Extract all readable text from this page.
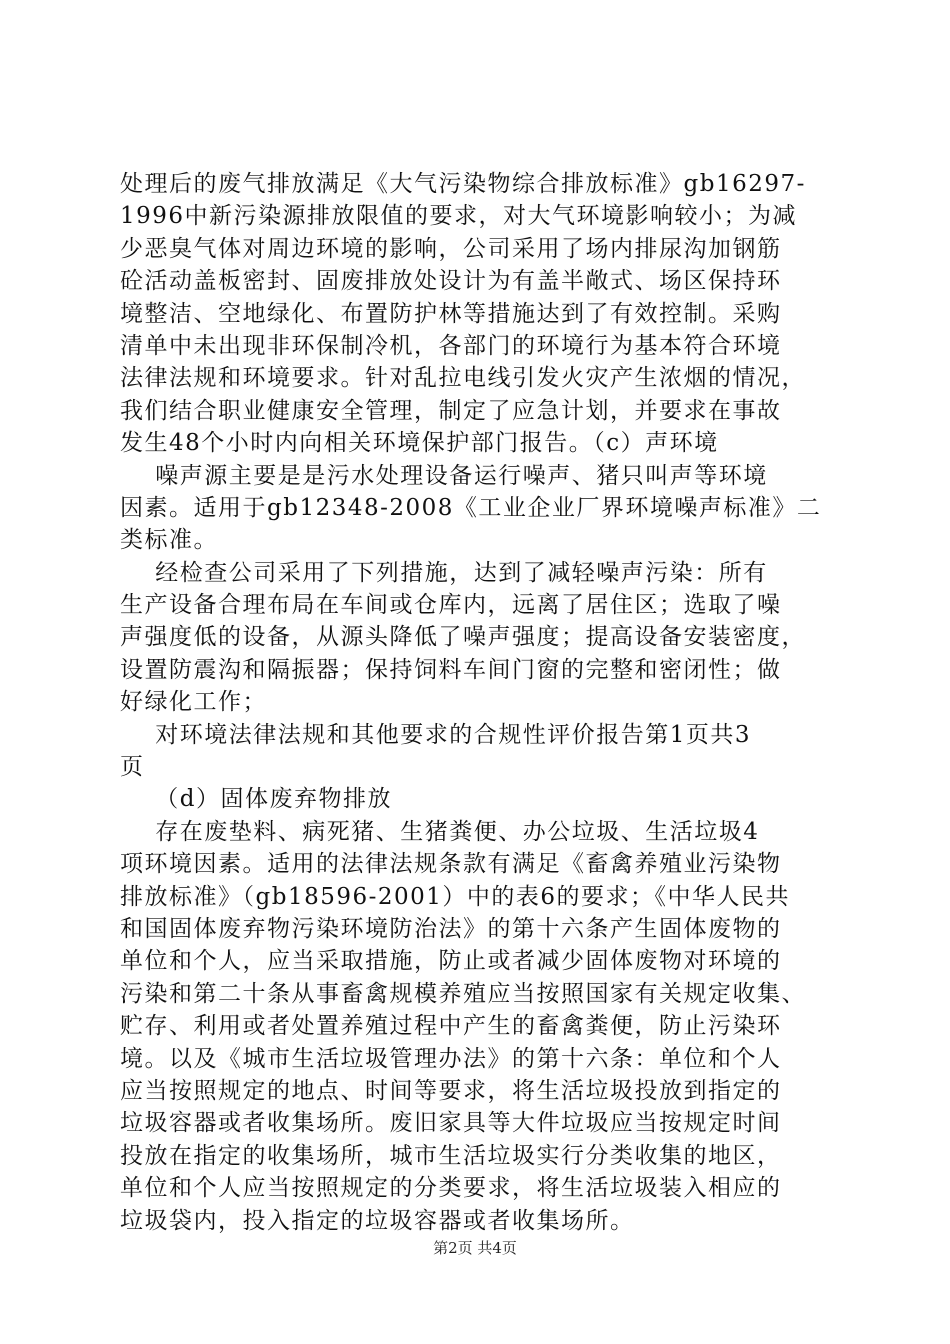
处理后的废气排放满足《大气污染物综合排放标准》gb16297-
1996中新污染源排放限值的要求，对大气环境影响较小；为减
少恶臭气体对周边环境的影响，公司采用了场内排尿沟加钢筋
砼活动盖板密封、固废排放处设计为有盖半敞式、场区保持环
境整洁、空地绿化、布置防护林等措施达到了有效控制。采购
清单中未出现非环保制冷机，各部门的环境行为基本符合环境
法律法规和环境要求。针对乱拉电线引发火灾产生浓烟的情况，
我们结合职业健康安全管理，制定了应急计划，并要求在事故
发生48个小时内向相关环境保护部门报告。（c）声环境
噪声源主要是是污水处理设备运行噪声、猪只叫声等环境
因素。适用于gb12348-2008《工业企业厂界环境噪声标准》二
类标准。
经检查公司采用了下列措施，达到了减轻噪声污染：所有
生产设备合理布局在车间或仓库内，远离了居住区；选取了噪
声强度低的设备，从源头降低了噪声强度；提高设备安装密度，
设置防震沟和隔振器；保持饲料车间门窗的完整和密闭性；做
好绿化工作；
对环境法律法规和其他要求的合规性评价报告第1页共3
页
（d）固体废弃物排放
存在废垫料、病死猪、生猪粪便、办公垃圾、生活垃圾4
项环境因素。适用的法律法规条款有满足《畜禽养殖业污染物
排放标准》（gb18596-2001）中的表6的要求；《中华人民共
和国固体废弃物污染环境防治法》的第十六条产生固体废物的
单位和个人，应当采取措施，防止或者减少固体废物对环境的
污染和第二十条从事畜禽规模养殖应当按照国家有关规定收集、
贮存、利用或者处置养殖过程中产生的畜禽粪便，防止污染环
境。以及《城市生活垃圾管理办法》的第十六条：单位和个人
应当按照规定的地点、时间等要求，将生活垃圾投放到指定的
垃圾容器或者收集场所。废旧家具等大件垃圾应当按规定时间
投放在指定的收集场所，城市生活垃圾实行分类收集的地区，
单位和个人应当按照规定的分类要求，将生活垃圾装入相应的
垃圾袋内，投入指定的垃圾容器或者收集场所。
第2页 共4页
